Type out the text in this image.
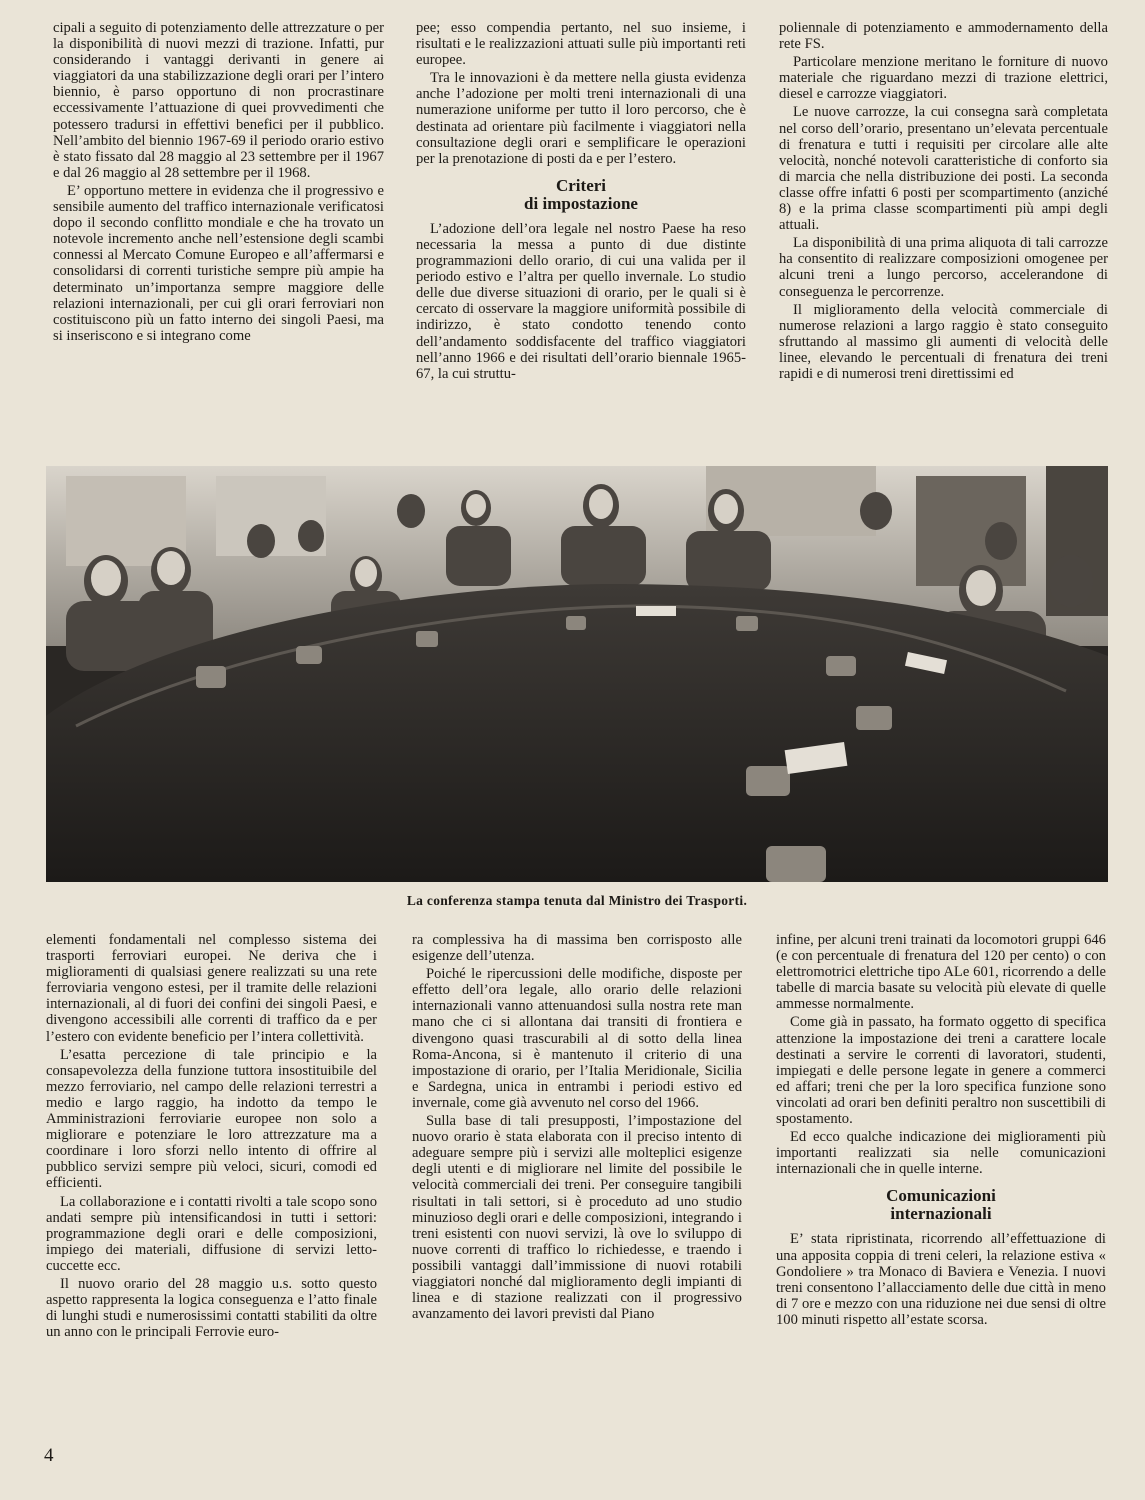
cipali a seguito di potenziamento delle attrezzature o per la disponibilità di nuovi mezzi di trazione. Infatti, pur considerando i vantaggi derivanti in genere ai viaggiatori da una stabilizzazione degli orari per l’intero biennio, è parso opportuno di non procrastinare eccessivamente l’attuazione di quei provvedimenti che potessero tradursi in effettivi benefici per il pubblico. Nell’ambito del biennio 1967-69 il periodo orario estivo è stato fissato dal 28 maggio al 23 settembre per il 1967 e dal 26 maggio al 28 settembre per il 1968.

E’ opportuno mettere in evidenza che il progressivo e sensibile aumento del traffico internazionale verificatosi dopo il secondo conflitto mondiale e che ha trovato un notevole incremento anche nell’estensione degli scambi connessi al Mercato Comune Europeo e all’affermarsi e consolidarsi di correnti turistiche sempre più ampie ha determinato un’importanza sempre maggiore delle relazioni internazionali, per cui gli orari ferroviari non costituiscono più un fatto interno dei singoli Paesi, ma si inseriscono e si integrano come

pee; esso compendia pertanto, nel suo insieme, i risultati e le realizzazioni attuati sulle più importanti reti europee.

Tra le innovazioni è da mettere nella giusta evidenza anche l’adozione per molti treni internazionali di una numerazione uniforme per tutto il loro percorso, che è destinata ad orientare più facilmente i viaggiatori nella consultazione degli orari e semplificare le operazioni per la prenotazione di posti da e per l’estero.

Criteri
di impostazione

L’adozione dell’ora legale nel nostro Paese ha reso necessaria la messa a punto di due distinte programmazioni dello orario, di cui una valida per il periodo estivo e l’altra per quello invernale. Lo studio delle due diverse situazioni di orario, per le quali si è cercato di osservare la maggiore uniformità possibile di indirizzo, è stato condotto tenendo conto dell’andamento soddisfacente del traffico viaggiatori nell’anno 1966 e dei risultati dell’orario biennale 1965-67, la cui struttu-

poliennale di potenziamento e ammodernamento della rete FS.

Particolare menzione meritano le forniture di nuovo materiale che riguardano mezzi di trazione elettrici, diesel e carrozze viaggiatori.

Le nuove carrozze, la cui consegna sarà completata nel corso dell’orario, presentano un’elevata percentuale di frenatura e tutti i requisiti per circolare alle alte velocità, nonché notevoli caratteristiche di conforto sia di marcia che nella distribuzione dei posti. La seconda classe offre infatti 6 posti per scompartimento (anziché 8) e la prima classe scompartimenti più ampi degli attuali.

La disponibilità di una prima aliquota di tali carrozze ha consentito di realizzare composizioni omogenee per alcuni treni a lungo percorso, accelerandone di conseguenza le percorrenze.

Il miglioramento della velocità commerciale di numerose relazioni a largo raggio è stato conseguito sfruttando al massimo gli aumenti di velocità delle linee, elevando le percentuali di frenatura dei treni rapidi e di numerosi treni direttissimi ed

La conferenza stampa tenuta dal Ministro dei Trasporti.

elementi fondamentali nel complesso sistema dei trasporti ferroviari europei. Ne deriva che i miglioramenti di qualsiasi genere realizzati su una rete ferroviaria vengono estesi, per il tramite delle relazioni internazionali, al di fuori dei confini dei singoli Paesi, e divengono accessibili alle correnti di traffico da e per l’estero con evidente beneficio per l’intera collettività.

L’esatta percezione di tale principio e la consapevolezza della funzione tuttora insostituibile del mezzo ferroviario, nel campo delle relazioni terrestri a medio e largo raggio, ha indotto da tempo le Amministrazioni ferroviarie europee non solo a migliorare e potenziare le loro attrezzature ma a coordinare i loro sforzi nello intento di offrire al pubblico servizi sempre più veloci, sicuri, comodi ed efficienti.

La collaborazione e i contatti rivolti a tale scopo sono andati sempre più intensificandosi in tutti i settori: programmazione degli orari e delle composizioni, impiego dei materiali, diffusione di servizi letto-cuccette ecc.

Il nuovo orario del 28 maggio u.s. sotto questo aspetto rappresenta la logica conseguenza e l’atto finale di lunghi studi e numerosissimi contatti stabiliti da oltre un anno con le principali Ferrovie euro-

ra complessiva ha di massima ben corrisposto alle esigenze dell’utenza.

Poiché le ripercussioni delle modifiche, disposte per effetto dell’ora legale, allo orario delle relazioni internazionali vanno attenuandosi sulla nostra rete man mano che ci si allontana dai transiti di frontiera e divengono quasi trascurabili al di sotto della linea Roma-Ancona, si è mantenuto il criterio di una impostazione di orario, per l’Italia Meridionale, Sicilia e Sardegna, unica in entrambi i periodi estivo ed invernale, come già avvenuto nel corso del 1966.

Sulla base di tali presupposti, l’impostazione del nuovo orario è stata elaborata con il preciso intento di adeguare sempre più i servizi alle molteplici esigenze degli utenti e di migliorare nel limite del possibile le velocità commerciali dei treni. Per conseguire tangibili risultati in tali settori, si è proceduto ad uno studio minuzioso degli orari e delle composizioni, integrando i treni esistenti con nuovi servizi, là ove lo sviluppo di nuove correnti di traffico lo richiedesse, e traendo i possibili vantaggi dall’immissione di nuovi rotabili viaggiatori nonché dal miglioramento degli impianti di linea e di stazione realizzati con il progressivo avanzamento dei lavori previsti dal Piano

infine, per alcuni treni trainati da locomotori gruppi 646 (e con percentuale di frenatura del 120 per cento) o con elettromotrici elettriche tipo ALe 601, ricorrendo a delle tabelle di marcia basate su velocità più elevate di quelle ammesse normalmente.

Come già in passato, ha formato oggetto di specifica attenzione la impostazione dei treni a carattere locale destinati a servire le correnti di lavoratori, studenti, impiegati e delle persone legate in genere a commerci ed affari; treni che per la loro specifica funzione sono vincolati ad orari ben definiti peraltro non suscettibili di spostamento.

Ed ecco qualche indicazione dei miglioramenti più importanti realizzati sia nelle comunicazioni internazionali che in quelle interne.

Comunicazioni
internazionali

E’ stata ripristinata, ricorrendo all’effettuazione di una apposita coppia di treni celeri, la relazione estiva « Gondoliere » tra Monaco di Baviera e Venezia. I nuovi treni consentono l’allacciamento delle due città in meno di 7 ore e mezzo con una riduzione nei due sensi di oltre 100 minuti rispetto all’estate scorsa.

4
